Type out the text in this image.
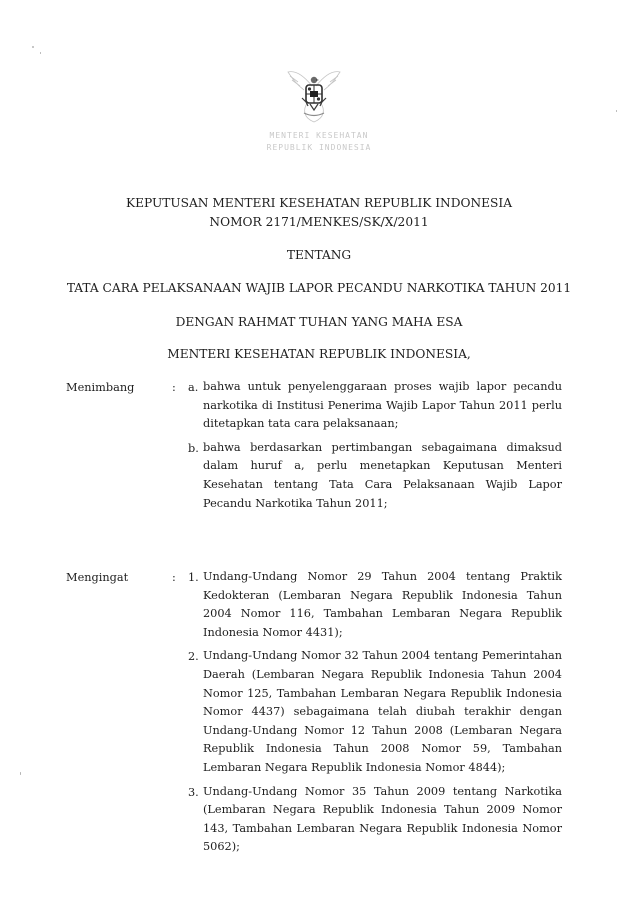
MENTERI KESEHATAN
REPUBLIK INDONESIA
KEPUTUSAN MENTERI KESEHATAN REPUBLIK INDONESIA
NOMOR 2171/MENKES/SK/X/2011
TENTANG
TATA CARA PELAKSANAAN WAJIB LAPOR PECANDU NARKOTIKA TAHUN 2011
DENGAN RAHMAT TUHAN YANG MAHA ESA
MENTERI KESEHATAN REPUBLIK INDONESIA,
Menimbang	: a. bahwa untuk penyelenggaraan proses wajib lapor pecandu narkotika di Institusi Penerima Wajib Lapor Tahun 2011 perlu ditetapkan tata cara pelaksanaan;
b. bahwa berdasarkan pertimbangan sebagaimana dimaksud dalam huruf a, perlu menetapkan Keputusan Menteri Kesehatan tentang Tata Cara Pelaksanaan Wajib Lapor Pecandu Narkotika Tahun 2011;
Mengingat	: 1. Undang-Undang Nomor 29 Tahun 2004 tentang Praktik Kedokteran (Lembaran Negara Republik Indonesia Tahun 2004 Nomor 116, Tambahan Lembaran Negara Republik Indonesia Nomor 4431);
2. Undang-Undang Nomor 32 Tahun 2004 tentang Pemerintahan Daerah (Lembaran Negara Republik Indonesia Tahun 2004 Nomor 125, Tambahan Lembaran Negara Republik Indonesia Nomor 4437) sebagaimana telah diubah terakhir dengan Undang-Undang Nomor 12 Tahun 2008 (Lembaran Negara Republik Indonesia Tahun 2008 Nomor 59, Tambahan Lembaran Negara Republik Indonesia Nomor 4844);
3. Undang-Undang Nomor 35 Tahun 2009 tentang Narkotika (Lembaran Negara Republik Indonesia Tahun 2009 Nomor 143, Tambahan Lembaran Negara Republik Indonesia Nomor 5062);
